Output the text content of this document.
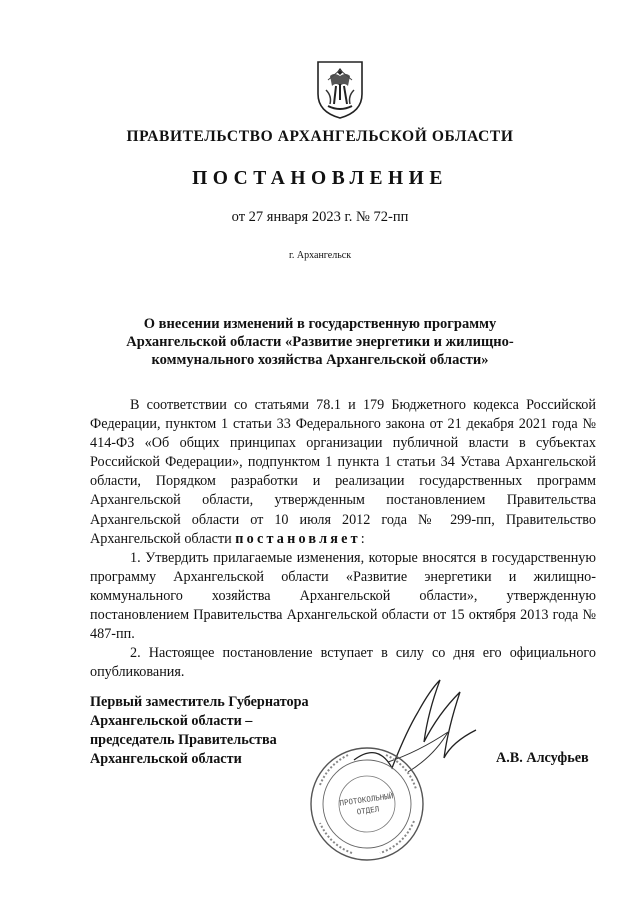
ПРАВИТЕЛЬСТВО АРХАНГЕЛЬСКОЙ ОБЛАСТИ
ПОСТАНОВЛЕНИЕ
от 27 января 2023 г. № 72-пп
г. Архангельск
О внесении изменений в государственную программу
Архангельской области «Развитие энергетики и жилищно-
коммунального хозяйства Архангельской области»

В соответствии со статьями 78.1 и 179 Бюджетного кодекса Российской Федерации, пунктом 1 статьи 33 Федерального закона от 21 декабря 2021 года № 414-ФЗ «Об общих принципах организации публичной власти в субъектах Российской Федерации», подпунктом 1 пункта 1 статьи 34 Устава Архангельской области, Порядком разработки и реализации государственных программ Архангельской области, утвержденным постановлением Правительства Архангельской области от 10 июля 2012 года № 299-пп, Правительство Архангельской области постановляет:

1. Утвердить прилагаемые изменения, которые вносятся в государственную программу Архангельской области «Развитие энергетики и жилищно-коммунального хозяйства Архангельской области», утвержденную постановлением Правительства Архангельской области от 15 октября 2013 года № 487-пп.

2. Настоящее постановление вступает в силу со дня его официального опубликования.

ПРОТОКОЛЬНЫЙ
ОТДЕЛ
Первый заместитель Губернатора
Архангельской области –
председатель Правительства
Архангельской области	А.В. Алсуфьев
